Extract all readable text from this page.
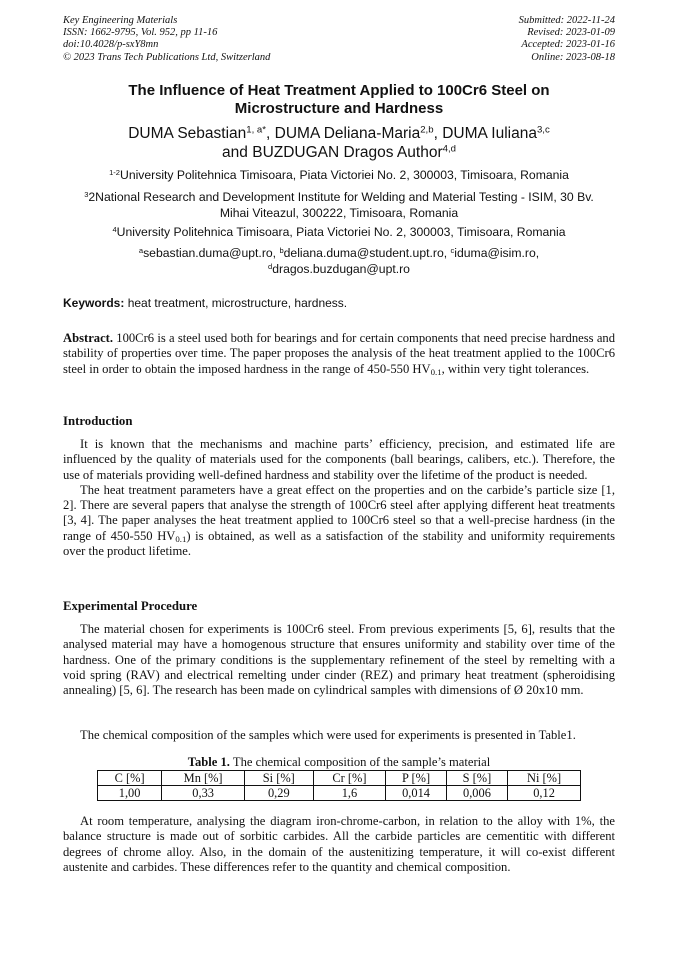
Key Engineering Materials
ISSN: 1662-9795, Vol. 952, pp 11-16
doi:10.4028/p-sxY8mn
© 2023 Trans Tech Publications Ltd, Switzerland
Submitted: 2022-11-24
Revised: 2023-01-09
Accepted: 2023-01-16
Online: 2023-08-18
The Influence of Heat Treatment Applied to 100Cr6 Steel on
Microstructure and Hardness
DUMA Sebastian$^{1, a*}$, DUMA Deliana-Maria$^{2,b}$, DUMA Iuliana$^{3,c}$
and BUZDUGAN Dragos Author$^{4,d}$
$^{1-2}$University Politehnica Timisoara, Piata Victoriei No. 2, 300003, Timisoara, Romania
$^3$2National Research and Development Institute for Welding and Material Testing - ISIM, 30 Bv.
Mihai Viteazul, 300222, Timisoara, Romania
$^4$University Politehnica Timisoara, Piata Victoriei No. 2, 300003, Timisoara, Romania
$^a$sebastian.duma@upt.ro, $^b$deliana.duma@student.upt.ro, $^c$iduma@isim.ro,
$^d$dragos.buzdugan@upt.ro
Keywords: heat treatment, microstructure, hardness.
Abstract. 100Cr6 is a steel used both for bearings and for certain components that need precise hardness and stability of properties over time. The paper proposes the analysis of the heat treatment applied to the 100Cr6 steel in order to obtain the imposed hardness in the range of 450-550 $HV_{0.1}$, within very tight tolerances.
Introduction
It is known that the mechanisms and machine parts’ efficiency, precision, and estimated life are influenced by the quality of materials used for the components (ball bearings, calibers, etc.). Therefore, the use of materials providing well-defined hardness and stability over the lifetime of the product is needed.
The heat treatment parameters have a great effect on the properties and on the carbide’s particle size [1, 2]. There are several papers that analyse the strength of 100Cr6 steel after applying different heat treatments [3, 4]. The paper analyses the heat treatment applied to 100Cr6 steel so that a well-precise hardness (in the range of 450-550 $HV_{0.1}$) is obtained, as well as a satisfaction of the stability and uniformity requirements over the product lifetime.
Experimental Procedure
The material chosen for experiments is 100Cr6 steel. From previous experiments [5, 6], results that the analysed material may have a homogenous structure that ensures uniformity and stability over time of the hardness. One of the primary conditions is the supplementary refinement of the steel by remelting with a void spring (RAV) and electrical remelting under cinder (REZ) and primary heat treatment (spheroidising annealing) [5, 6]. The research has been made on cylindrical samples with dimensions of Ø 20x10 mm.
The chemical composition of the samples which were used for experiments is presented in Table1.
Table 1. The chemical composition of the sample’s material
C [%]	Mn [%]	Si [%]	Cr [%]	P [%]	S [%]	Ni [%]
1,00	0,33	0,29	1,6	0,014	0,006	0,12
At room temperature, analysing the diagram iron-chrome-carbon, in relation to the alloy with 1%, the balance structure is made out of sorbitic carbides. All the carbide particles are cementitic with different degrees of chrome alloy. Also, in the domain of the austenitizing temperature, it will co-exist different austenite and carbides. These differences refer to the quantity and chemical composition.
